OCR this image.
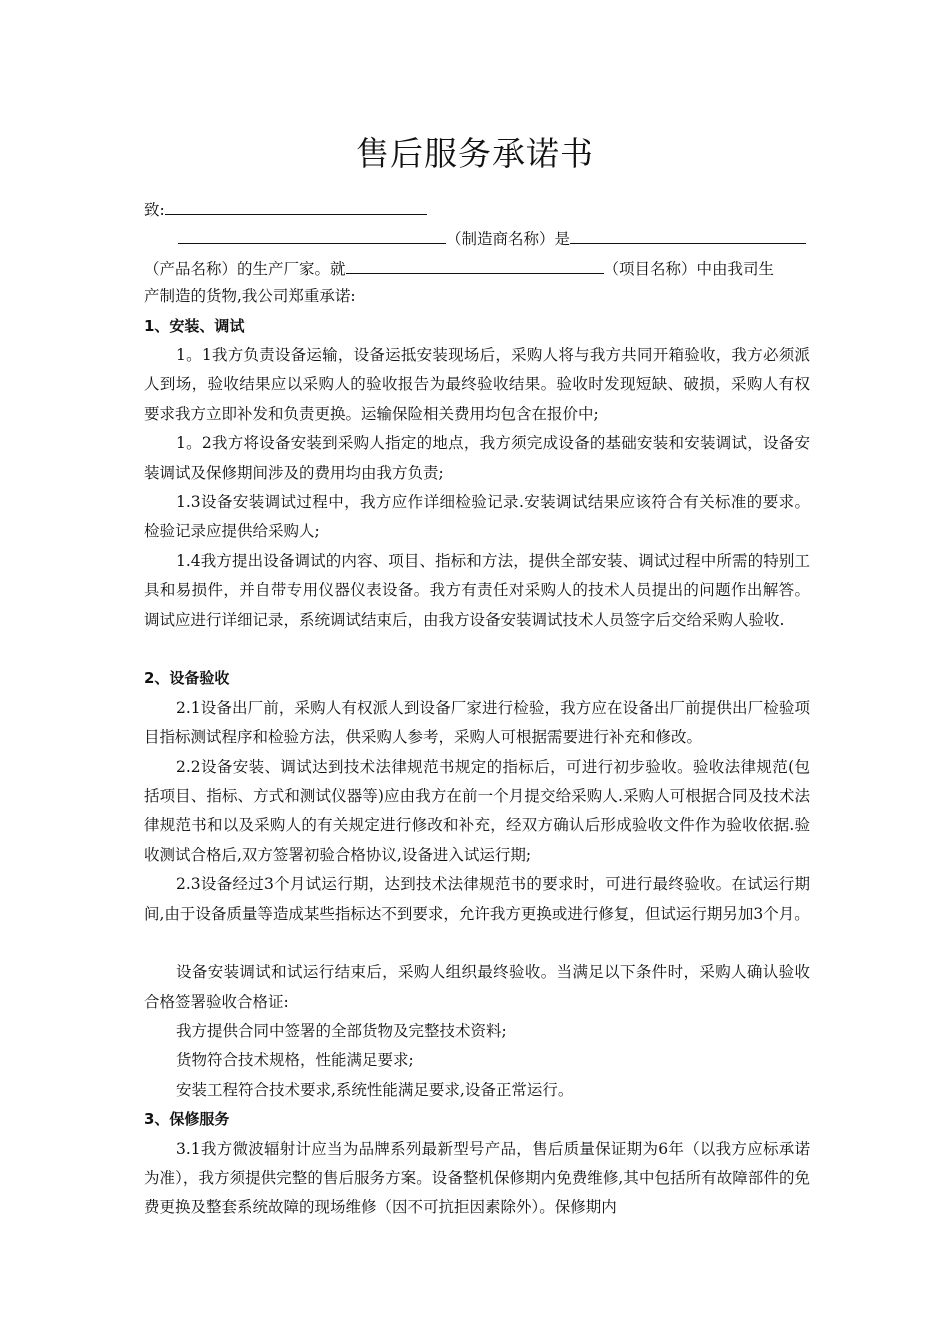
售后服务承诺书
致:
（制造商名称）是
（产品名称）的生产厂家。就	（项目名称）中由我司生
产制造的货物,我公司郑重承诺:
1、安装、调试
1。1我方负责设备运输，设备运抵安装现场后，采购人将与我方共同开箱验收，我方必须派人到场，验收结果应以采购人的验收报告为最终验收结果。验收时发现短缺、破损，采购人有权要求我方立即补发和负责更换。运输保险相关费用均包含在报价中;
1。2我方将设备安装到采购人指定的地点，我方须完成设备的基础安装和安装调试，设备安装调试及保修期间涉及的费用均由我方负责;
1.3设备安装调试过程中，我方应作详细检验记录.安装调试结果应该符合有关标准的要求。检验记录应提供给采购人;
1.4我方提出设备调试的内容、项目、指标和方法，提供全部安装、调试过程中所需的特别工具和易损件，并自带专用仪器仪表设备。我方有责任对采购人的技术人员提出的问题作出解答。调试应进行详细记录，系统调试结束后，由我方设备安装调试技术人员签字后交给采购人验收.
2、设备验收
2.1设备出厂前，采购人有权派人到设备厂家进行检验，我方应在设备出厂前提供出厂检验项目指标测试程序和检验方法，供采购人参考，采购人可根据需要进行补充和修改。
2.2设备安装、调试达到技术法律规范书规定的指标后，可进行初步验收。验收法律规范(包括项目、指标、方式和测试仪器等)应由我方在前一个月提交给采购人.采购人可根据合同及技术法律规范书和以及采购人的有关规定进行修改和补充，经双方确认后形成验收文件作为验收依据.验收测试合格后,双方签署初验合格协议,设备进入试运行期;
2.3设备经过3个月试运行期，达到技术法律规范书的要求时，可进行最终验收。在试运行期间,由于设备质量等造成某些指标达不到要求，允许我方更换或进行修复，但试运行期另加3个月。
设备安装调试和试运行结束后，采购人组织最终验收。当满足以下条件时，采购人确认验收合格签署验收合格证:
我方提供合同中签署的全部货物及完整技术资料;
货物符合技术规格，性能满足要求;
安装工程符合技术要求,系统性能满足要求,设备正常运行。
3、保修服务
3.1我方微波辐射计应当为品牌系列最新型号产品，售后质量保证期为6年（以我方应标承诺为准），我方须提供完整的售后服务方案。设备整机保修期内免费维修,其中包括所有故障部件的免费更换及整套系统故障的现场维修（因不可抗拒因素除外）。保修期内
